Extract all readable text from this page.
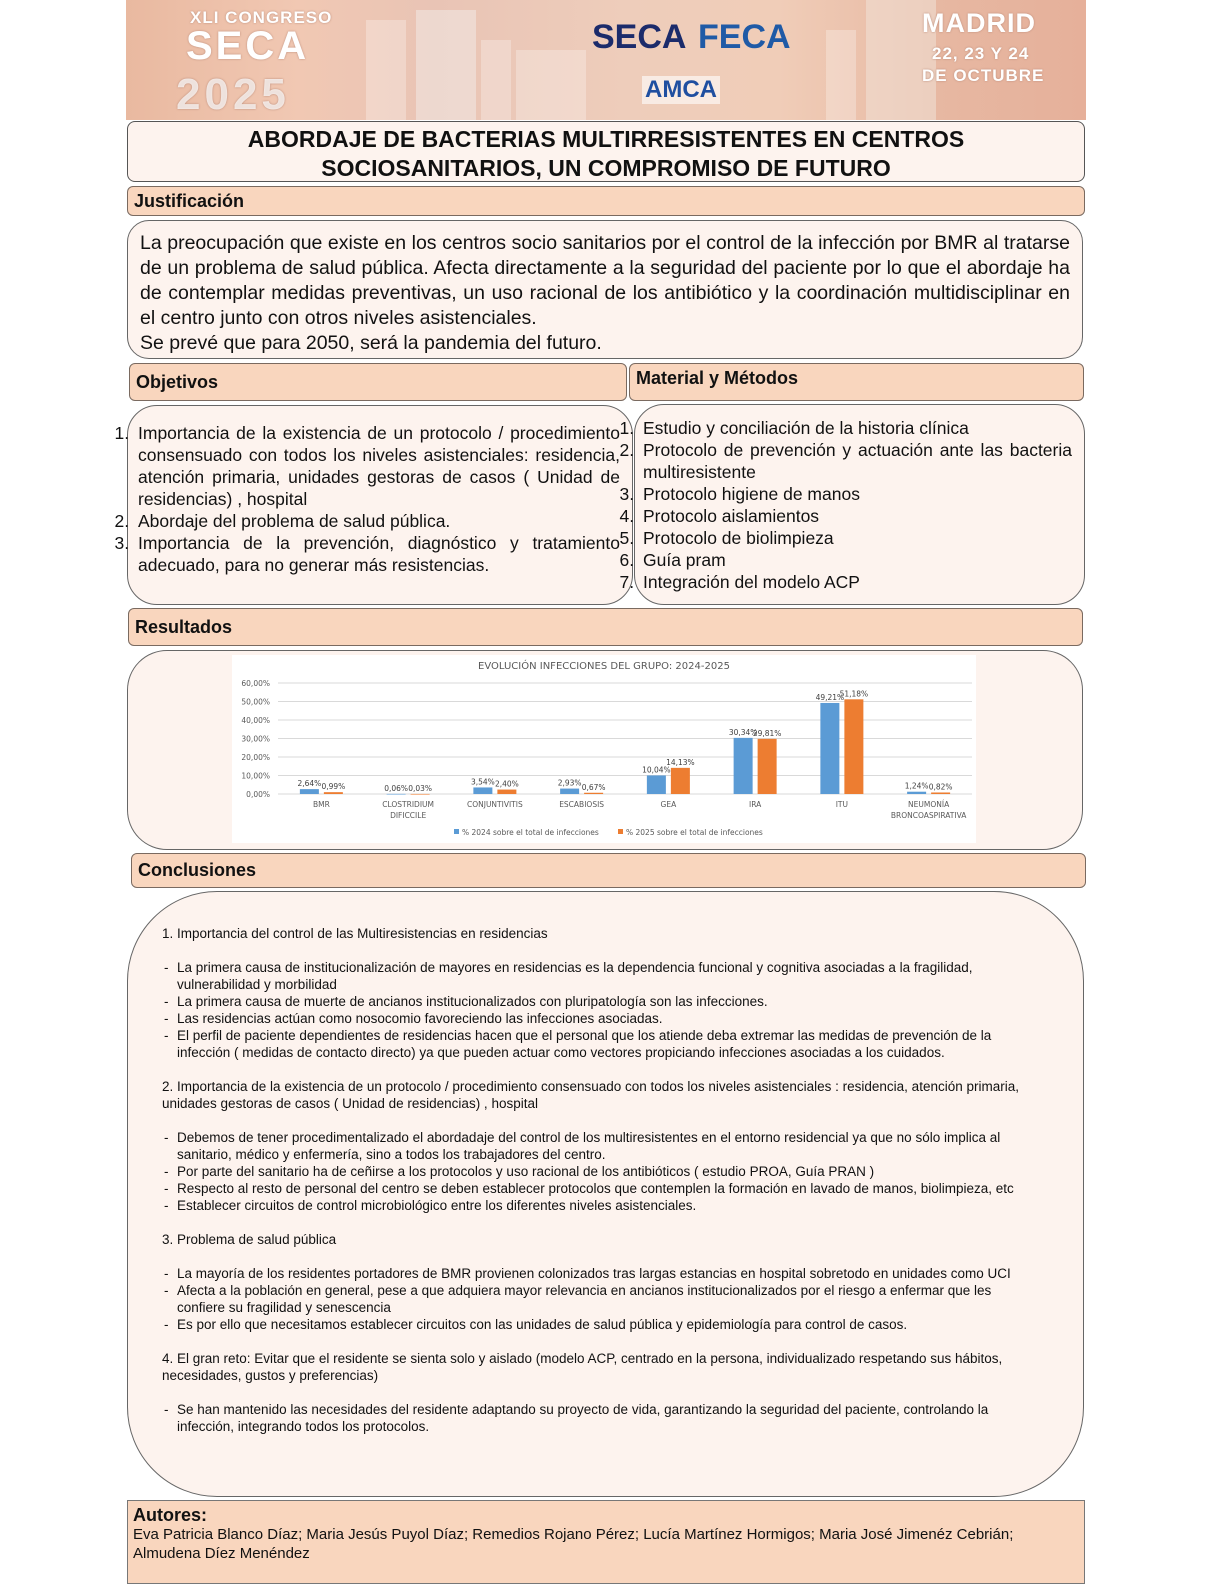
XLI CONGRESO
SECA
2025
SECA FECA
AMCA
MADRID
22, 23 Y 24
DE OCTUBRE
ABORDAJE DE BACTERIAS MULTIRRESISTENTES EN CENTROS
SOCIOSANITARIOS, UN COMPROMISO DE FUTURO
Justificación
La preocupación que existe en los centros socio sanitarios por el control de la infección por BMR al tratarse de un problema de salud pública. Afecta directamente a la seguridad del paciente por lo que el abordaje ha de contemplar medidas preventivas, un uso racional de los antibiótico y la coordinación multidisciplinar en el centro junto con otros niveles asistenciales.
Se prevé que para 2050, será la pandemia del futuro.
Objetivos
1. Importancia de la existencia de un protocolo / procedimiento consensuado con todos los niveles asistenciales: residencia, atención primaria, unidades gestoras de casos ( Unidad de residencias) , hospital
2. Abordaje del problema de salud pública.
3. Importancia de la prevención, diagnóstico y tratamiento adecuado, para no generar más resistencias.
Material y Métodos
1. Estudio y conciliación de la historia clínica
2. Protocolo de prevención y actuación ante las bacteria multiresistente
3. Protocolo higiene de manos
4. Protocolo aislamientos
5. Protocolo de biolimpieza
6. Guía pram
7. Integración del modelo ACP
Resultados
EVOLUCIÓN INFECCIONES DEL GRUPO: 2024-2025
0,00%
10,00%
20,00%
30,00%
40,00%
50,00%
60,00%
2,64% 0,99%	0,06% 0,03%
3,54% 2,40%	2,93% 0,67%
10,04%
14,13%
30,34%
29,81%
49,21%
51,18%
1,24% 0,82%
BMR	CLOSTRIDIUM
DIFICCILE
CONJUNTIVITIS	ESCABIOSIS	GEA	IRA	ITU	NEUMONÍA
BRONCOASPIRATIVA
% 2024 sobre el total de infecciones	% 2025 sobre el total de infecciones
Conclusiones

1. Importancia del control de las Multiresistencias en residencias

- La primera causa de institucionalización de mayores en residencias es la dependencia funcional y cognitiva asociadas a la fragilidad, vulnerabilidad y morbilidad
- La primera causa de muerte de ancianos institucionalizados con pluripatología son las infecciones.
- Las residencias actúan como nosocomio favoreciendo las infecciones asociadas.
- El perfil de paciente dependientes de residencias hacen que el personal que los atiende deba extremar las medidas de prevención de la infección ( medidas de contacto directo) ya que pueden actuar como vectores propiciando infecciones asociadas a los cuidados.

2. Importancia de la existencia de un protocolo / procedimiento consensuado con todos los niveles asistenciales : residencia, atención primaria, unidades gestoras de casos ( Unidad de residencias) , hospital

- Debemos de tener procedimentalizado el abordadaje del control de los multiresistentes en el entorno residencial ya que no sólo implica al sanitario, médico y enfermería, sino a todos los trabajadores del centro.
- Por parte del sanitario ha de ceñirse a los protocolos y uso racional de los antibióticos ( estudio PROA, Guía PRAN )
- Respecto al resto de personal del centro se deben establecer protocolos que contemplen la formación en lavado de manos, biolimpieza, etc
- Establecer circuitos de control microbiológico entre los diferentes niveles asistenciales.

3. Problema de salud pública

- La mayoría de los residentes portadores de BMR provienen colonizados tras largas estancias en hospital sobretodo en unidades como UCI
- Afecta a la población en general, pese a que adquiera mayor relevancia en ancianos institucionalizados por el riesgo a enfermar que les confiere su fragilidad y senescencia
- Es por ello que necesitamos establecer circuitos con las unidades de salud pública y epidemiología para control de casos.

4. El gran reto: Evitar que el residente se sienta solo y aislado (modelo ACP, centrado en la persona, individualizado respetando sus hábitos, necesidades, gustos y preferencias)

- Se han mantenido las necesidades del residente adaptando su proyecto de vida, garantizando la seguridad del paciente, controlando la infección, integrando todos los protocolos.
Autores:
Eva Patricia Blanco Díaz; Maria Jesús Puyol Díaz; Remedios Rojano Pérez; Lucía Martínez Hormigos; Maria José Jimenéz Cebrián; Almudena Díez Menéndez
